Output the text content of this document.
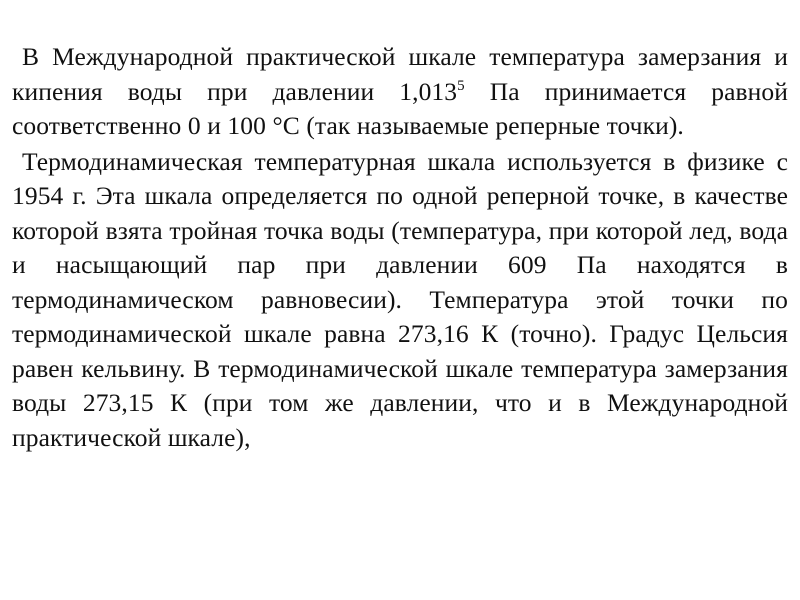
В Международной практической шкале температура замерзания и кипения воды при давлении 1,013$^5$ Па принимается равной соответственно 0 и 100 °С (так называемые реперные точки).

Термодинамическая температурная шкала используется в физике с 1954 г. Эта шкала определяется по одной реперной точке, в качестве которой взята тройная точка воды (температура, при которой лед, вода и насыщающий пар при давлении 609 Па находятся в термодинамическом равновесии). Температура этой точки по термодинамической шкале равна 273,16 К (точно). Градус Цельсия равен кельвину. В термодинамической шкале температура замерзания воды 273,15 К (при том же давлении, что и в Международной практической шкале),
